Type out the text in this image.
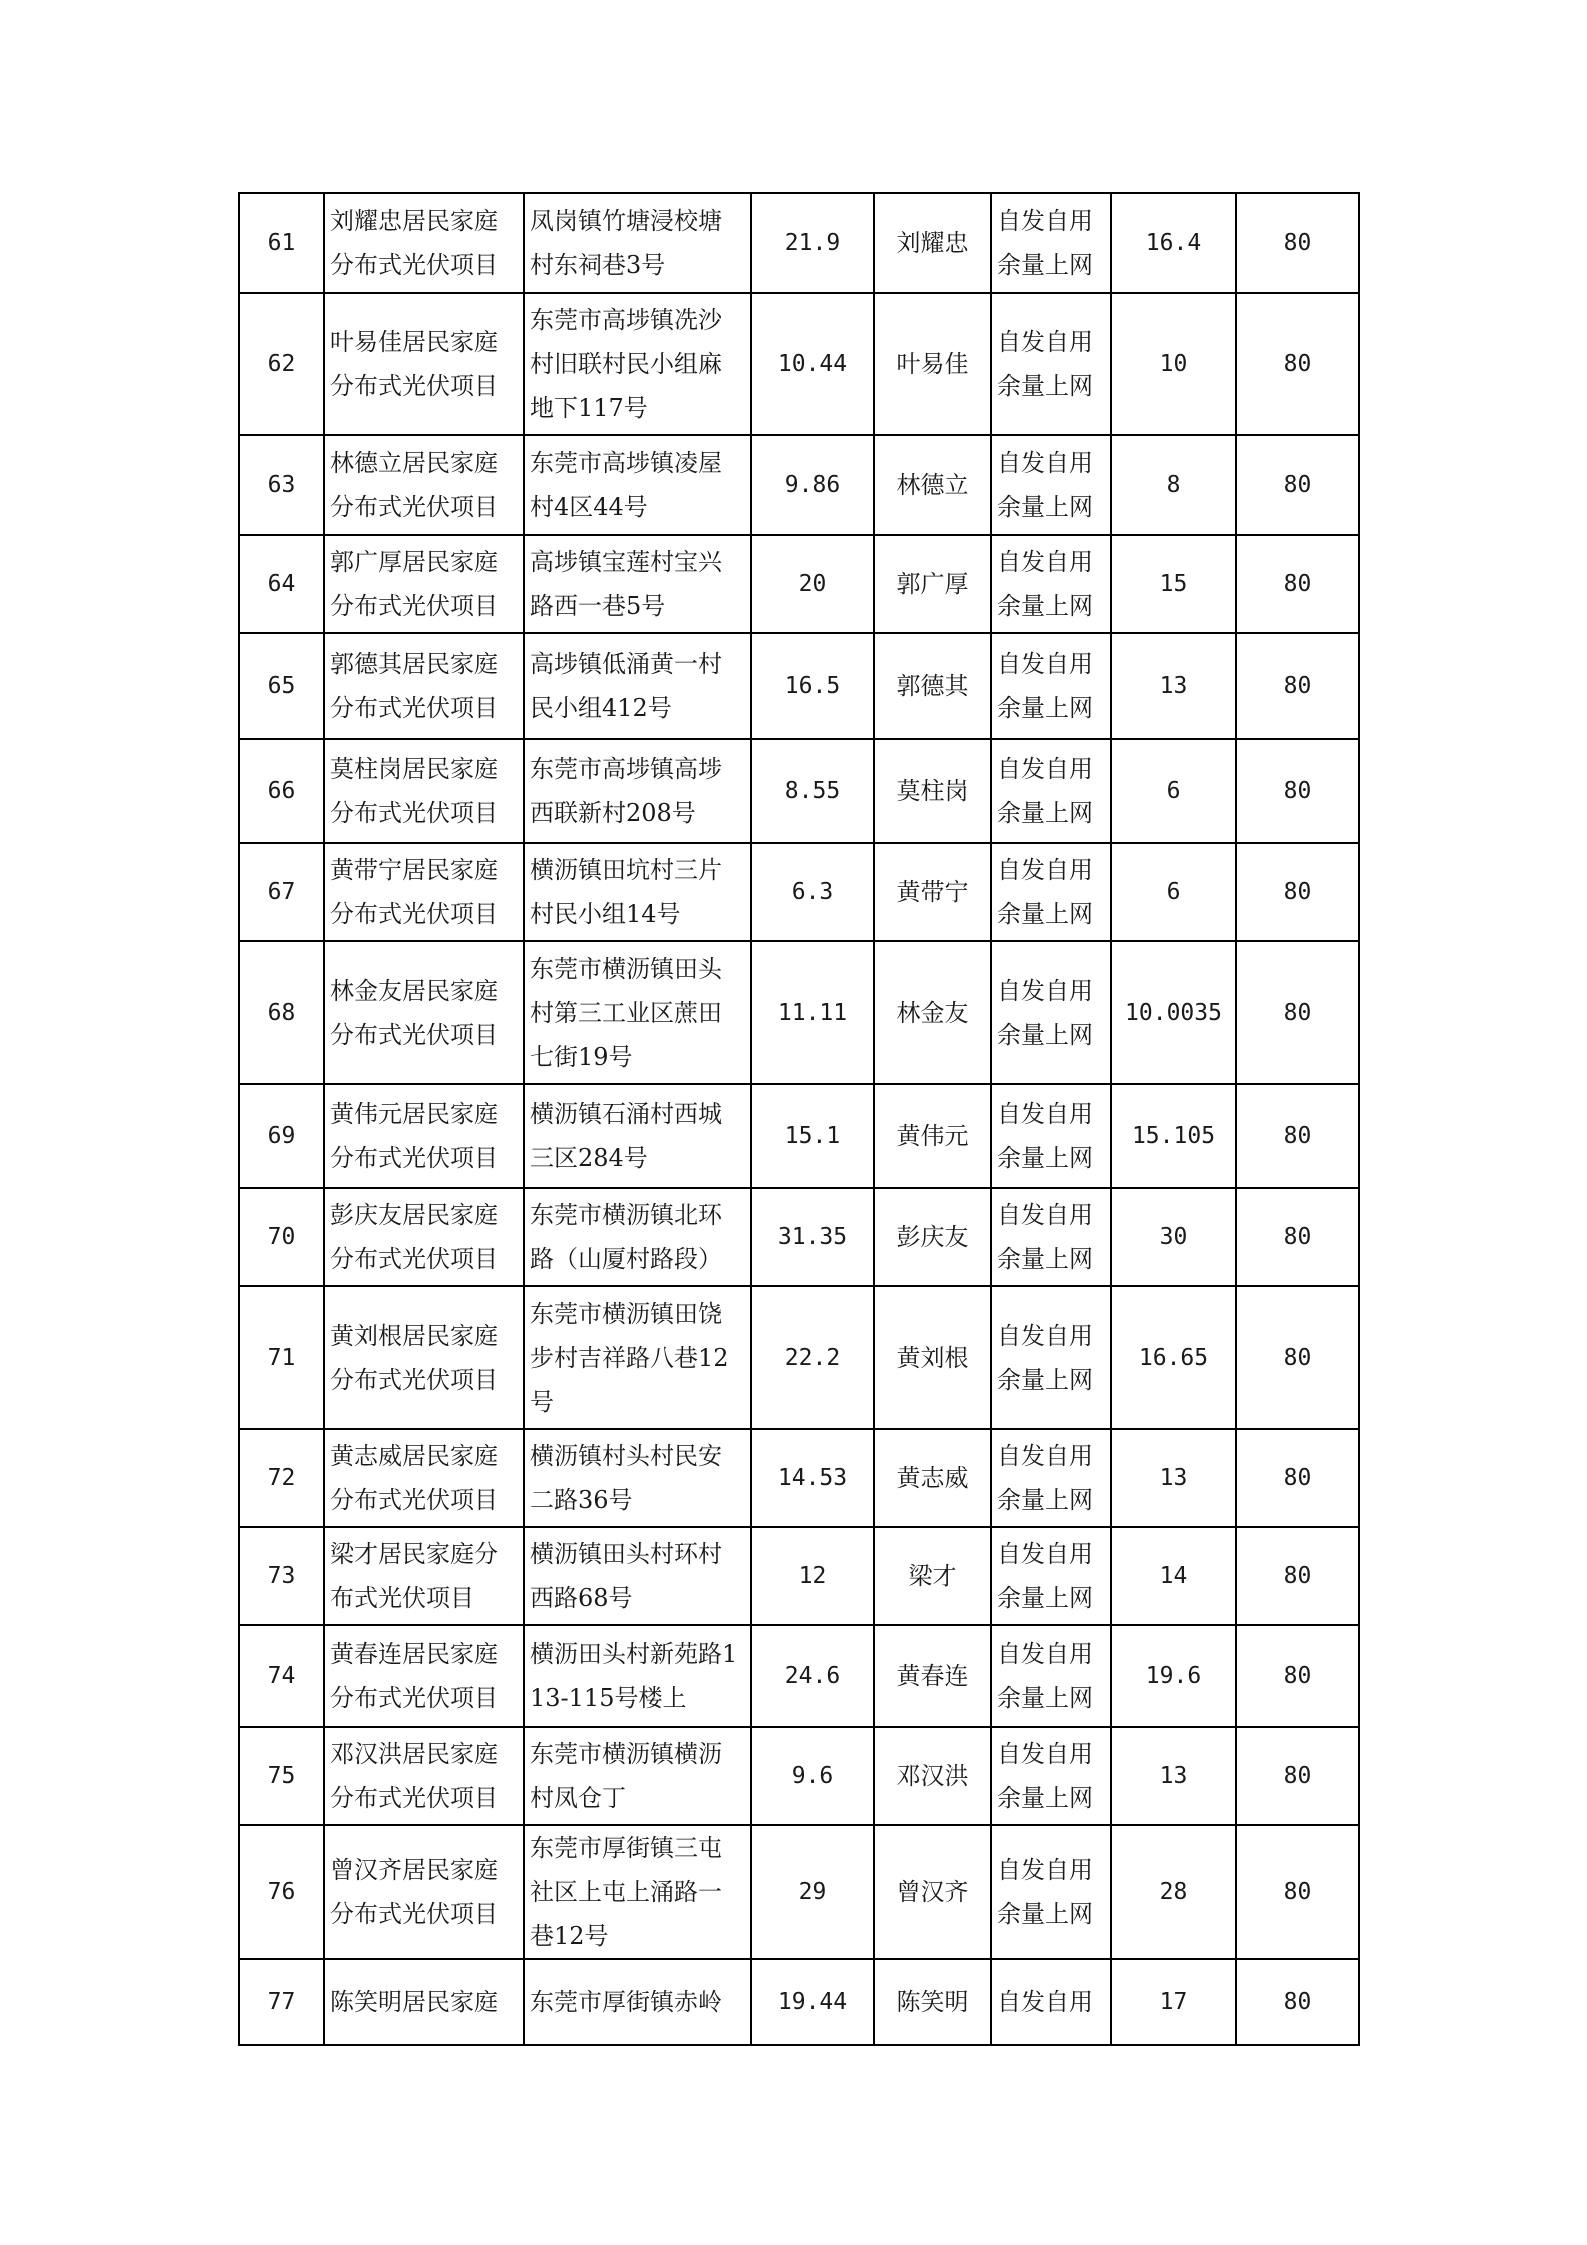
61	刘耀忠居民家庭分布式光伏项目	凤岗镇竹塘浸校塘村东祠巷3号	21.9	刘耀忠	自发自用余量上网	16.4	80
62	叶易佳居民家庭分布式光伏项目	东莞市高埗镇冼沙村旧联村民小组麻地下117号	10.44	叶易佳	自发自用余量上网	10	80
63	林德立居民家庭分布式光伏项目	东莞市高埗镇凌屋村4区44号	9.86	林德立	自发自用余量上网	8	80
64	郭广厚居民家庭分布式光伏项目	高埗镇宝莲村宝兴路西一巷5号	20	郭广厚	自发自用余量上网	15	80
65	郭德其居民家庭分布式光伏项目	高埗镇低涌黄一村民小组412号	16.5	郭德其	自发自用余量上网	13	80
66	莫柱岗居民家庭分布式光伏项目	东莞市高埗镇高埗西联新村208号	8.55	莫柱岗	自发自用余量上网	6	80
67	黄带宁居民家庭分布式光伏项目	横沥镇田坑村三片村民小组14号	6.3	黄带宁	自发自用余量上网	6	80
68	林金友居民家庭分布式光伏项目	东莞市横沥镇田头村第三工业区蔗田七街19号	11.11	林金友	自发自用余量上网	10.0035	80
69	黄伟元居民家庭分布式光伏项目	横沥镇石涌村西城三区284号	15.1	黄伟元	自发自用余量上网	15.105	80
70	彭庆友居民家庭分布式光伏项目	东莞市横沥镇北环路（山厦村路段）	31.35	彭庆友	自发自用余量上网	30	80
71	黄刘根居民家庭分布式光伏项目	东莞市横沥镇田饶步村吉祥路八巷12号	22.2	黄刘根	自发自用余量上网	16.65	80
72	黄志威居民家庭分布式光伏项目	横沥镇村头村民安二路36号	14.53	黄志威	自发自用余量上网	13	80
73	梁才居民家庭分布式光伏项目	横沥镇田头村环村西路68号	12	梁才	自发自用余量上网	14	80
74	黄春连居民家庭分布式光伏项目	横沥田头村新苑路113-115号楼上	24.6	黄春连	自发自用余量上网	19.6	80
75	邓汉洪居民家庭分布式光伏项目	东莞市横沥镇横沥村凤仓丁	9.6	邓汉洪	自发自用余量上网	13	80
76	曾汉齐居民家庭分布式光伏项目	东莞市厚街镇三屯社区上屯上涌路一巷12号	29	曾汉齐	自发自用余量上网	28	80
77	陈笑明居民家庭	东莞市厚街镇赤岭	19.44	陈笑明	自发自用	17	80
